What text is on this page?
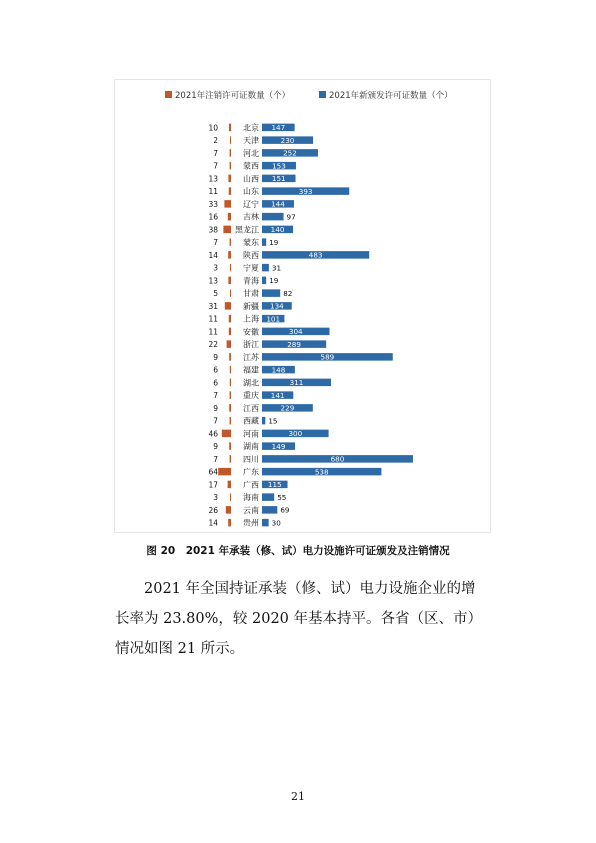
2021年注销许可证数量（个）	2021年新颁发许可证数量（个）
10	北京 147
2	天津	230
7	河北	252
7	蒙西 153
13	山西 151
11	山东	393
33	辽宁 144
16	吉林	97
38 黑龙江 140
7	蒙东 19
14	陕西	483
3	宁夏 31
13	青海 19
5	甘肃	82
31	新疆 134
11	上海 101
11	安徽	304
22	浙江	289
9	江苏	589
6	福建 148
6	湖北	311
7	重庆 141
9	江西	229
7	西藏 15
46	河南	300
9	湖南 149
7	四川	680
64	广东	538
17	广西 115
3	海南	55
26	云南	69
14	贵州 30
图 20　2021 年承装（修、试）电力设施许可证颁发及注销情况

2021 年全国持证承装（修、试）电力设施企业的增长率为 23.80%，较 2020 年基本持平。各省（区、市）情况如图 21 所示。

21
